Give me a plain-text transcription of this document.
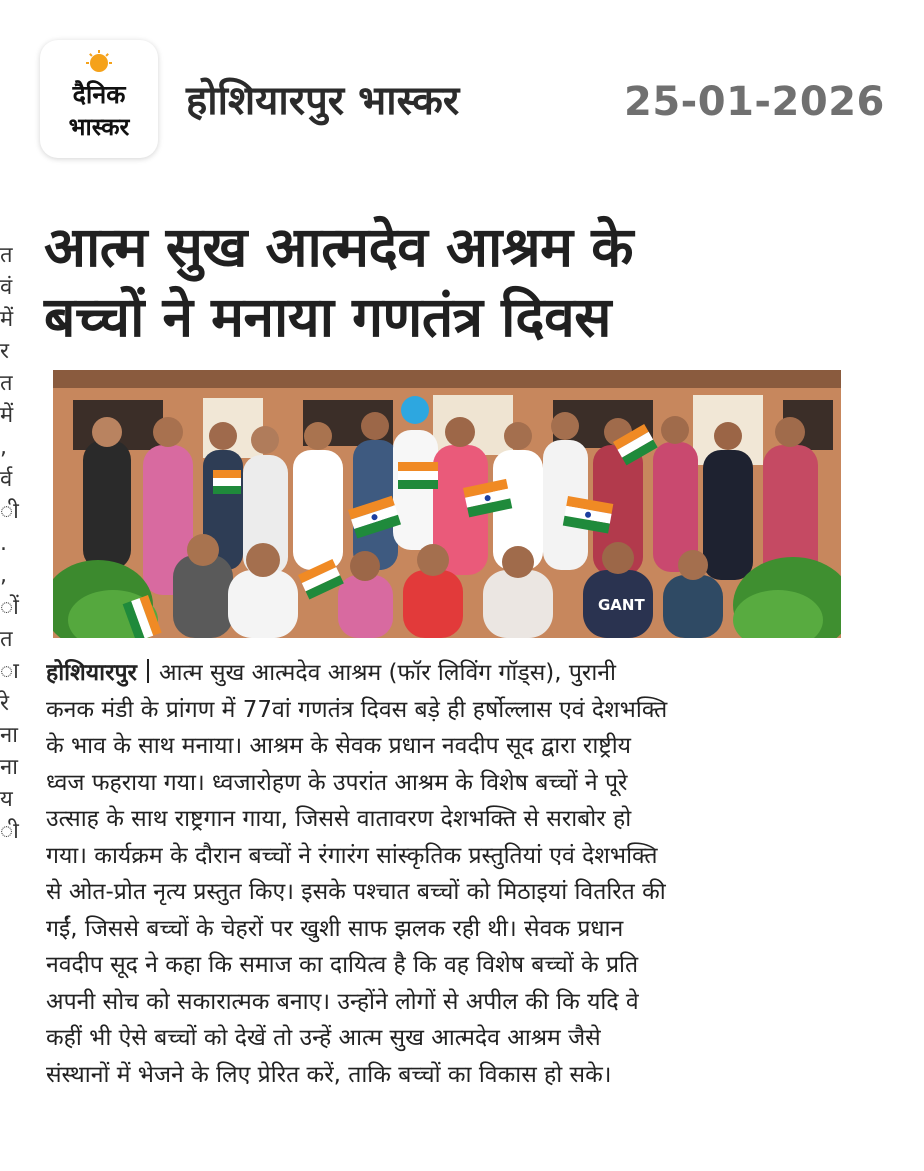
दैनिक
भास्कर
होशियारपुर भास्कर	25-01-2026
त
वं
में
र
त
में
,
र्व
ी
.
,
ों
त
ा
रे
ना
ना
य
ी
आत्म सुख आत्मदेव आश्रम के
बच्चों ने मनाया गणतंत्र दिवस
GANT
होशियारपुर आत्म सुख आत्मदेव आश्रम (फॉर लिविंग गॉड्स), पुरानी
कनक मंडी के प्रांगण में 77वां गणतंत्र दिवस बड़े ही हर्षोल्लास एवं देशभक्ति
के भाव के साथ मनाया। आश्रम के सेवक प्रधान नवदीप सूद द्वारा राष्ट्रीय
ध्वज फहराया गया। ध्वजारोहण के उपरांत आश्रम के विशेष बच्चों ने पूरे
उत्साह के साथ राष्ट्रगान गाया, जिससे वातावरण देशभक्ति से सराबोर हो
गया। कार्यक्रम के दौरान बच्चों ने रंगारंग सांस्कृतिक प्रस्तुतियां एवं देशभक्ति
से ओत-प्रोत नृत्य प्रस्तुत किए। इसके पश्चात बच्चों को मिठाइयां वितरित की
गईं, जिससे बच्चों के चेहरों पर खुशी साफ झलक रही थी। सेवक प्रधान
नवदीप सूद ने कहा कि समाज का दायित्व है कि वह विशेष बच्चों के प्रति
अपनी सोच को सकारात्मक बनाए। उन्होंने लोगों से अपील की कि यदि वे
कहीं भी ऐसे बच्चों को देखें तो उन्हें आत्म सुख आत्मदेव आश्रम जैसे
संस्थानों में भेजने के लिए प्रेरित करें, ताकि बच्चों का विकास हो सके।
